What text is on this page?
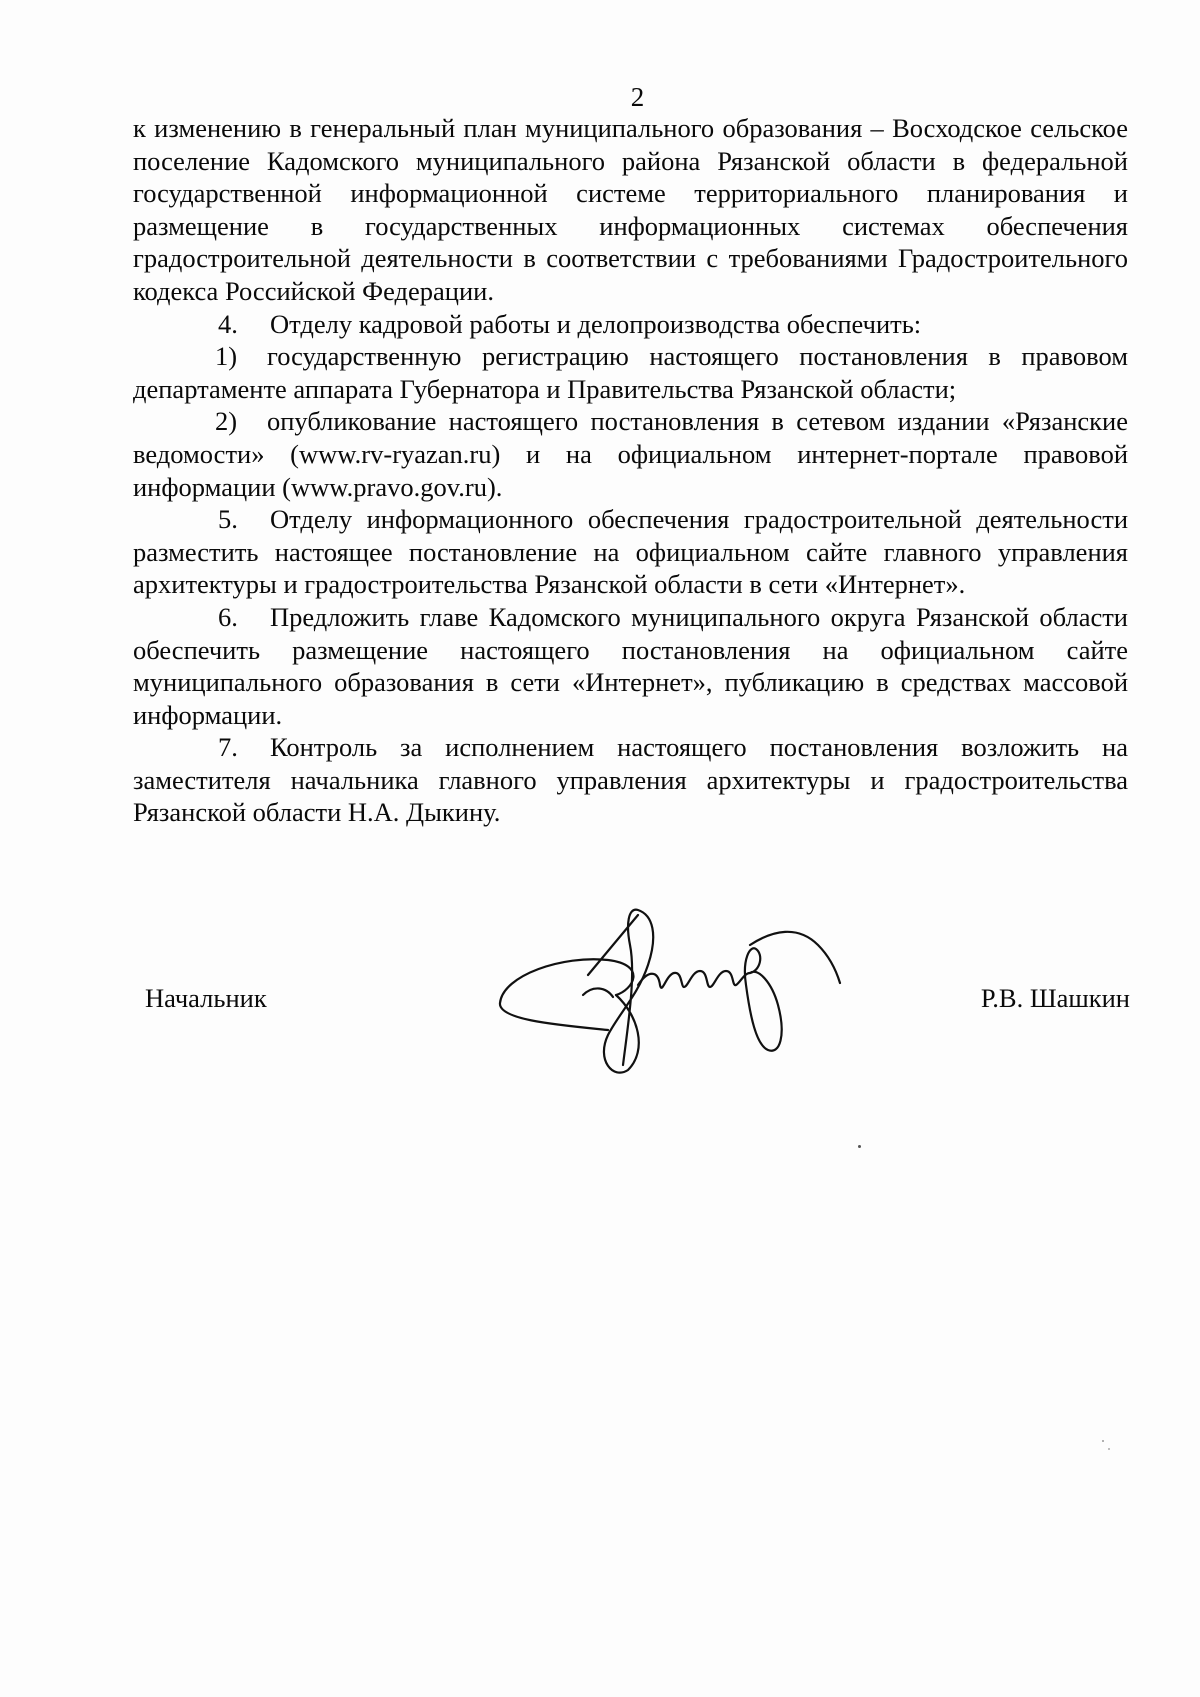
2

к изменению в генеральный план муниципального образования – Восходское сельское поселение Кадомского муниципального района Рязанской области в федеральной государственной информационной системе территориального планирования и размещение в государственных информационных системах обеспечения градостроительной деятельности в соответствии с требованиями Градостроительного кодекса Российской Федерации.

4. Отделу кадровой работы и делопроизводства обеспечить:

1) государственную регистрацию настоящего постановления в правовом департаменте аппарата Губернатора и Правительства Рязанской области;

2) опубликование настоящего постановления в сетевом издании «Рязанские ведомости» (www.rv-ryazan.ru) и на официальном интернет-портале правовой информации (www.pravo.gov.ru).

5. Отделу информационного обеспечения градостроительной деятельности разместить настоящее постановление на официальном сайте главного управления архитектуры и градостроительства Рязанской области в сети «Интернет».

6. Предложить главе Кадомского муниципального округа Рязанской области обеспечить размещение настоящего постановления на официальном сайте муниципального образования в сети «Интернет», публикацию в средствах массовой информации.

7. Контроль за исполнением настоящего постановления возложить на заместителя начальника главного управления архитектуры и градостроительства Рязанской области Н.А. Дыкину.

Начальник	Р.В. Шашкин
